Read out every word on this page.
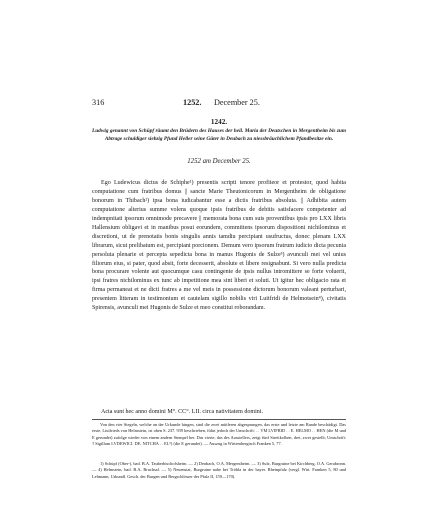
316	1252. December 25.
1242.
Ludwig genannt von Schüpf räumt den Brüdern des Hauses der heil. Maria der Deutschen in Mergentheim bis zum Abtrage schuldiger siebzig Pfund Heller seine Güter in Deubach zu niessbräuchlichem Pfandbesitze ein.
1252 am December 25.

Ego Ludewicus dictus de Schiphe¹) presentis scripti tenore profiteor et protestor, quod habita computatione cum fratribus domus || sancte Marie Theutonicorum in Mergentheim de obligatione bonorum in Thibach²) ipsa bona iudicabantur esse a dictis fratribus absoluta. || Adhibita autem computatione alterius summe volens quoque ipsis fratribus de debitis satisfacere competenter ad indempnitati ipsorum omnimode precavere || memorata bona cum suis proventibus ipsis pro LXX libris Hallensium obligavi et in manibus posui eorundem, committens ipsorum dispositioni nichilominus et discretioni, ut de prenotatis bonis singulis annis tamdiu percipiant usufructus, donec plenam LXX librarum, sicut prelibatum est, percipiant porcionem. Demum vero ipsorum fratrum iudicio dicta pecunia persoluta plenarie et percepta sepedicta bona in manus Hugonis de Sulze³) avunculi mei vel unius filiorum eius, si pater, quod absit, forte decesserit, absolute et libere resignabunt. Si vero nulla predicta bona procurare volente aut quocumque casu contingente de ipsis nullus intromittere se forte voluerit, ipsi fratres nichilominus ex tunc ab impetitione mea sint liberi et soluti. Ut igitur hec obligacio rata et firma permaneat et ne dicti fratres a me vel meis in possessione dictorum bonorum valeant perturbari, presentem litteram in testimonium et cautelam sigillo nobilis viri Luitfridi de Helmotsein⁴), civitatis Spirensis, avunculi mei Hugonis de Sulze et meo constitui roborandam.

Acta sunt hec anno domini M°. CC°. LII. circa nativitatem domini.

Von den vier Siegeln, welche an der Urkunde hingen, sind die zwei mittleren abgesprungen, das erste und letzte am Rande beschädigt. Das erste, Liutfrieds von Helmstein, ist oben S. 237. 939 beschrieben, führt jedoch der Umschrift: . . VM LVIFRID . . E. HELMO . . HEN (die M und E gerundet) zufolge wieder von einem andern Stempel her. Das vierte, das des Ausstellers, zeigt fünf Streitkolben, drei, zwei gestellt; Umschrift: † Sigillum LVDEWICI. DE. NITCHA . . EL⁵) (die E gerundet). — Auszug in Wirtembergisch Franken 5, 77.

1) Schüpf (Ober-), bad. B.A. Tauberbischofsheim. — 2) Deubach, O.A. Mergentheim. — 3) Sulz, Burgruine bei Kirchberg, O.A. Gerabronn. — 4) Helmstein, bad. B.A. Bruchsal. — 5) Neuenstat, Burgruine nahe bei Tröhla in der bayer. Rheinpfalz (vergl. Wirt. Franken 5, 80 und Lehmann, Urkundl. Gesch. der Burgen und Bergschlösser der Pfalz II, 159—170).
